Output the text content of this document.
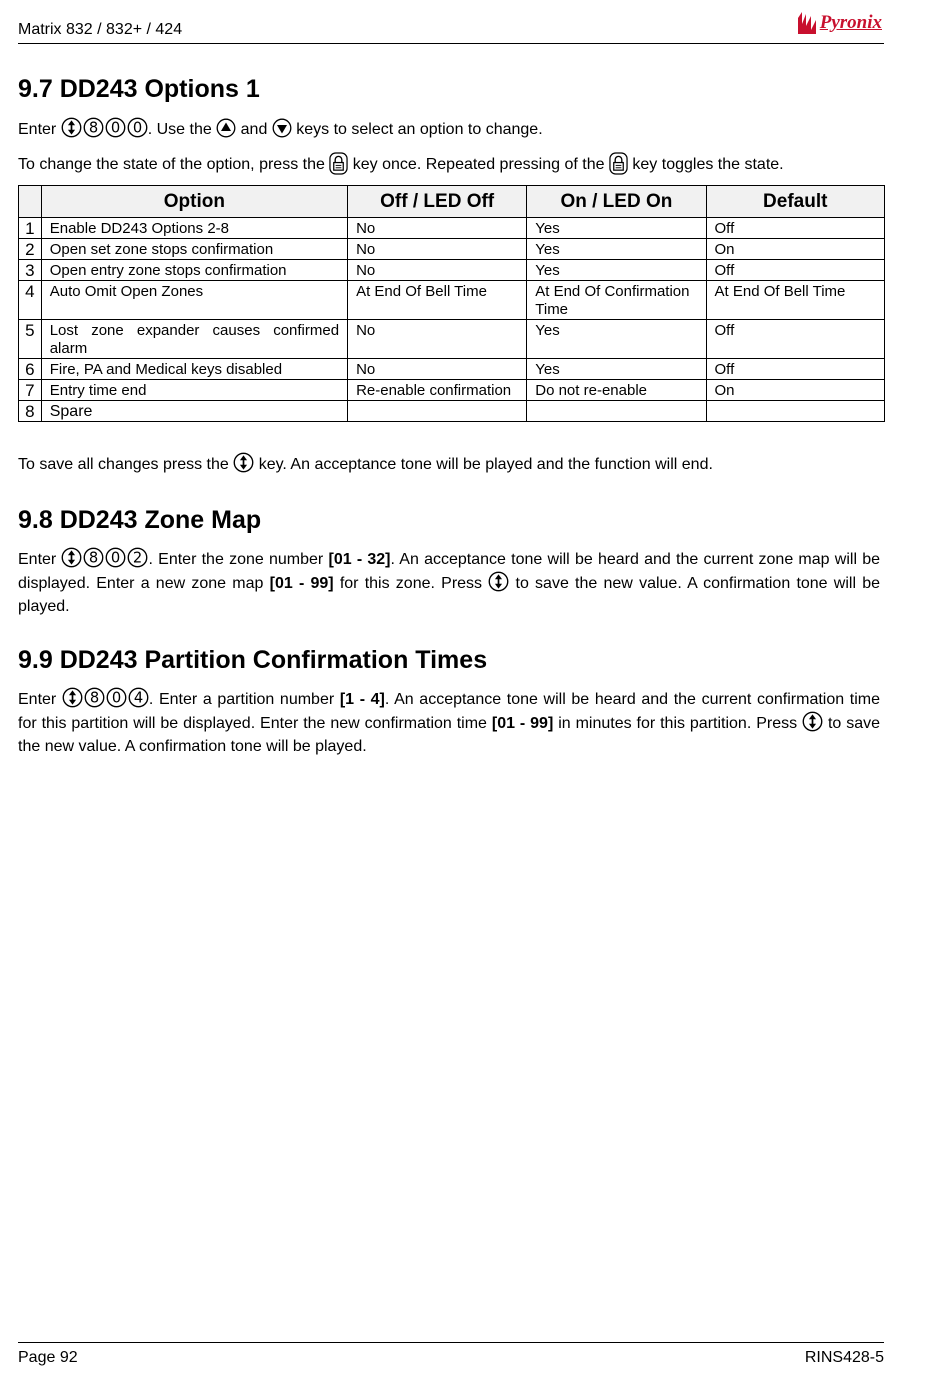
Matrix 832 / 832+ / 424	Pyronix
9.7 DD243 Options 1

Enter 8 0 0 . Use the and keys to select an option to change.

To change the state of the option, press the key once. Repeated pressing of the key toggles the state.

	Option	Off / LED Off	On / LED On	Default
1	Enable DD243 Options 2-8	No	Yes	Off
2	Open set zone stops confirmation	No	Yes	On
3	Open entry zone stops confirmation	No	Yes	Off
4	Auto Omit Open Zones	At End Of Bell Time	At End Of Confirmation Time	At End Of Bell Time
5	Lost zone expander causes confirmed alarm	No	Yes	Off
6	Fire, PA and Medical keys disabled	No	Yes	Off
7	Entry time end	Re-enable confirmation	Do not re-enable	On
8	Spare			

To save all changes press the key. An acceptance tone will be played and the function will end.

9.8 DD243 Zone Map

Enter 8 0 2 . Enter the zone number [01 - 32]. An acceptance tone will be heard and the current zone map will be displayed. Enter a new zone map [01 - 99] for this zone. Press to save the new value. A confirmation tone will be played.

9.9 DD243 Partition Confirmation Times

Enter 8 0 4 . Enter a partition number [1 - 4]. An acceptance tone will be heard and the current confirmation time for this partition will be displayed. Enter the new confirmation time [01 - 99] in minutes for this partition. Press to save the new value. A confirmation tone will be played.

Page 92	RINS428-5
